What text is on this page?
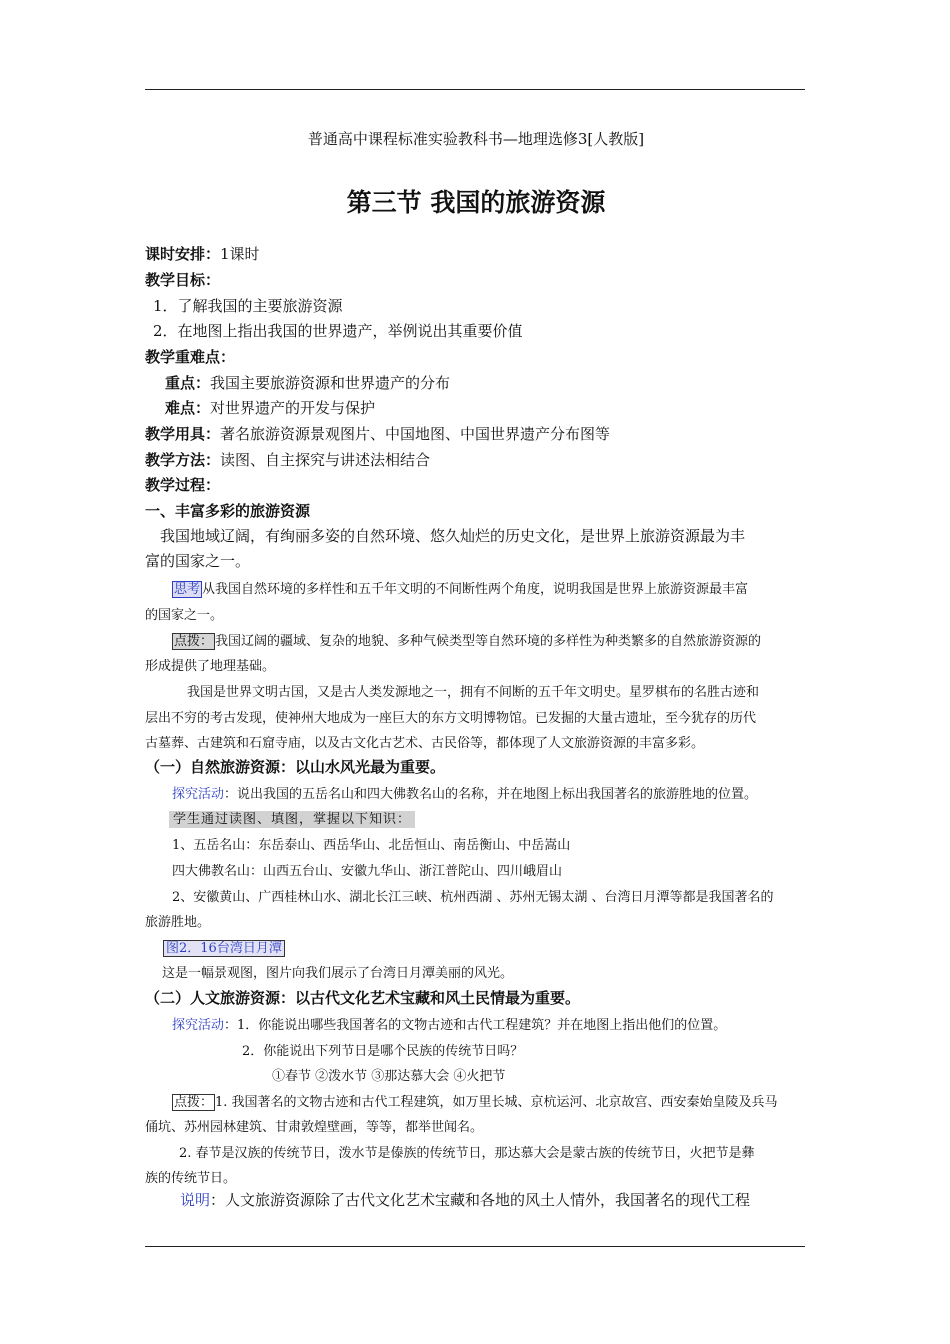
普通高中课程标准实验教科书—地理选修3[人教版]
第三节 我国的旅游资源
课时安排：1课时
教学目标：
1．了解我国的主要旅游资源
2．在地图上指出我国的世界遗产，举例说出其重要价值
教学重难点：
重点：我国主要旅游资源和世界遗产的分布
难点：对世界遗产的开发与保护
教学用具：著名旅游资源景观图片、中国地图、中国世界遗产分布图等
教学方法：读图、自主探究与讲述法相结合
教学过程：
一、丰富多彩的旅游资源
我国地域辽阔，有绚丽多姿的自然环境、悠久灿烂的历史文化，是世界上旅游资源最为丰
富的国家之一。
思考 从我国自然环境的多样性和五千年文明的不间断性两个角度，说明我国是世界上旅游资源最丰富
的国家之一。
点拨： 我国辽阔的疆域、复杂的地貌、多种气候类型等自然环境的多样性为种类繁多的自然旅游资源的
形成提供了地理基础。
我国是世界文明古国，又是古人类发源地之一，拥有不间断的五千年文明史。星罗棋布的名胜古迹和
层出不穷的考古发现，使神州大地成为一座巨大的东方文明博物馆。已发掘的大量古遗址，至今犹存的历代
古墓葬、古建筑和石窟寺庙，以及古文化古艺术、古民俗等，都体现了人文旅游资源的丰富多彩。
（一）自然旅游资源：以山水风光最为重要。
探究活动：说出我国的五岳名山和四大佛教名山的名称，并在地图上标出我国著名的旅游胜地的位置。
学生通过读图、填图，掌握以下知识：
1、五岳名山：东岳泰山、西岳华山、北岳恒山、南岳衡山、中岳嵩山
四大佛教名山：山西五台山、安徽九华山、浙江普陀山、四川峨眉山
2、安徽黄山、广西桂林山水、湖北长江三峡、杭州西湖 、苏州无锡太湖 、台湾日月潭等都是我国著名的
旅游胜地。
图2．16台湾日月潭
这是一幅景观图，图片向我们展示了台湾日月潭美丽的风光。
（二）人文旅游资源：以古代文化艺术宝藏和风土民情最为重要。
探究活动：1．你能说出哪些我国著名的文物古迹和古代工程建筑？并在地图上指出他们的位置。
2．你能说出下列节日是哪个民族的传统节日吗？
①春节 ②泼水节 ③那达慕大会 ④火把节
点拨： 1. 我国著名的文物古迹和古代工程建筑，如万里长城、京杭运河、北京故宫、西安秦始皇陵及兵马
俑坑、苏州园林建筑、甘肃敦煌壁画，等等，都举世闻名。
2. 春节是汉族的传统节日，泼水节是傣族的传统节日，那达慕大会是蒙古族的传统节日，火把节是彝
族的传统节日。
说明：人文旅游资源除了古代文化艺术宝藏和各地的风土人情外，我国著名的现代工程
